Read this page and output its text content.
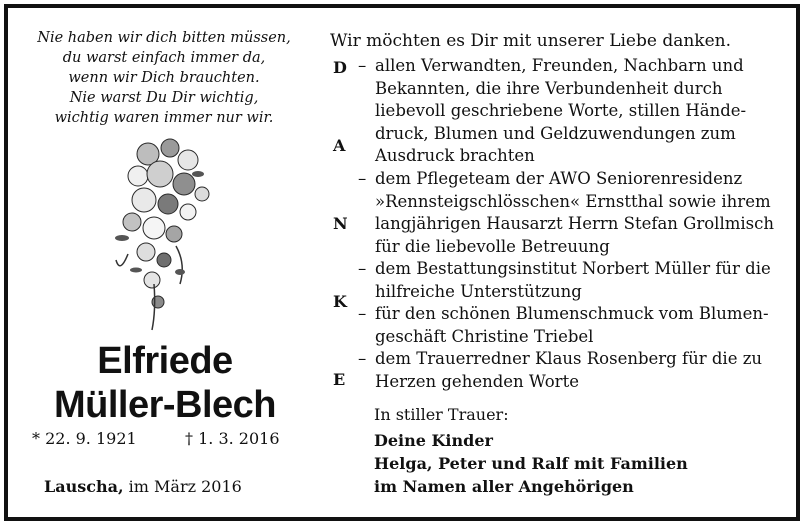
Nie haben wir dich bitten müssen,
du warst einfach immer da,
wenn wir Dich brauchten.
Nie warst Du Dir wichtig,
wichtig waren immer nur wir.
Elfriede
Müller-Blech
* 22. 9. 1921	† 1. 3. 2016
Lauscha, im März 2016
Wir möchten es Dir mit unserer Liebe danken.
D
A
N
K
E
– allen Verwandten, Freunden, Nachbarn und
Bekannten, die ihre Verbundenheit durch
liebevoll geschriebene Worte, stillen Hände-
druck, Blumen und Geldzuwendungen zum
Ausdruck brachten
– dem Pflegeteam der AWO Seniorenresidenz
»Rennsteigschlösschen« Ernstthal sowie ihrem
langjährigen Hausarzt Herrn Stefan Grollmisch
für die liebevolle Betreuung
– dem Bestattungsinstitut Norbert Müller für die
hilfreiche Unterstützung
– für den schönen Blumenschmuck vom Blumen-
geschäft Christine Triebel
– dem Trauerredner Klaus Rosenberg für die zu
Herzen gehenden Worte
In stiller Trauer:
Deine Kinder
Helga, Peter und Ralf mit Familien
im Namen aller Angehörigen
